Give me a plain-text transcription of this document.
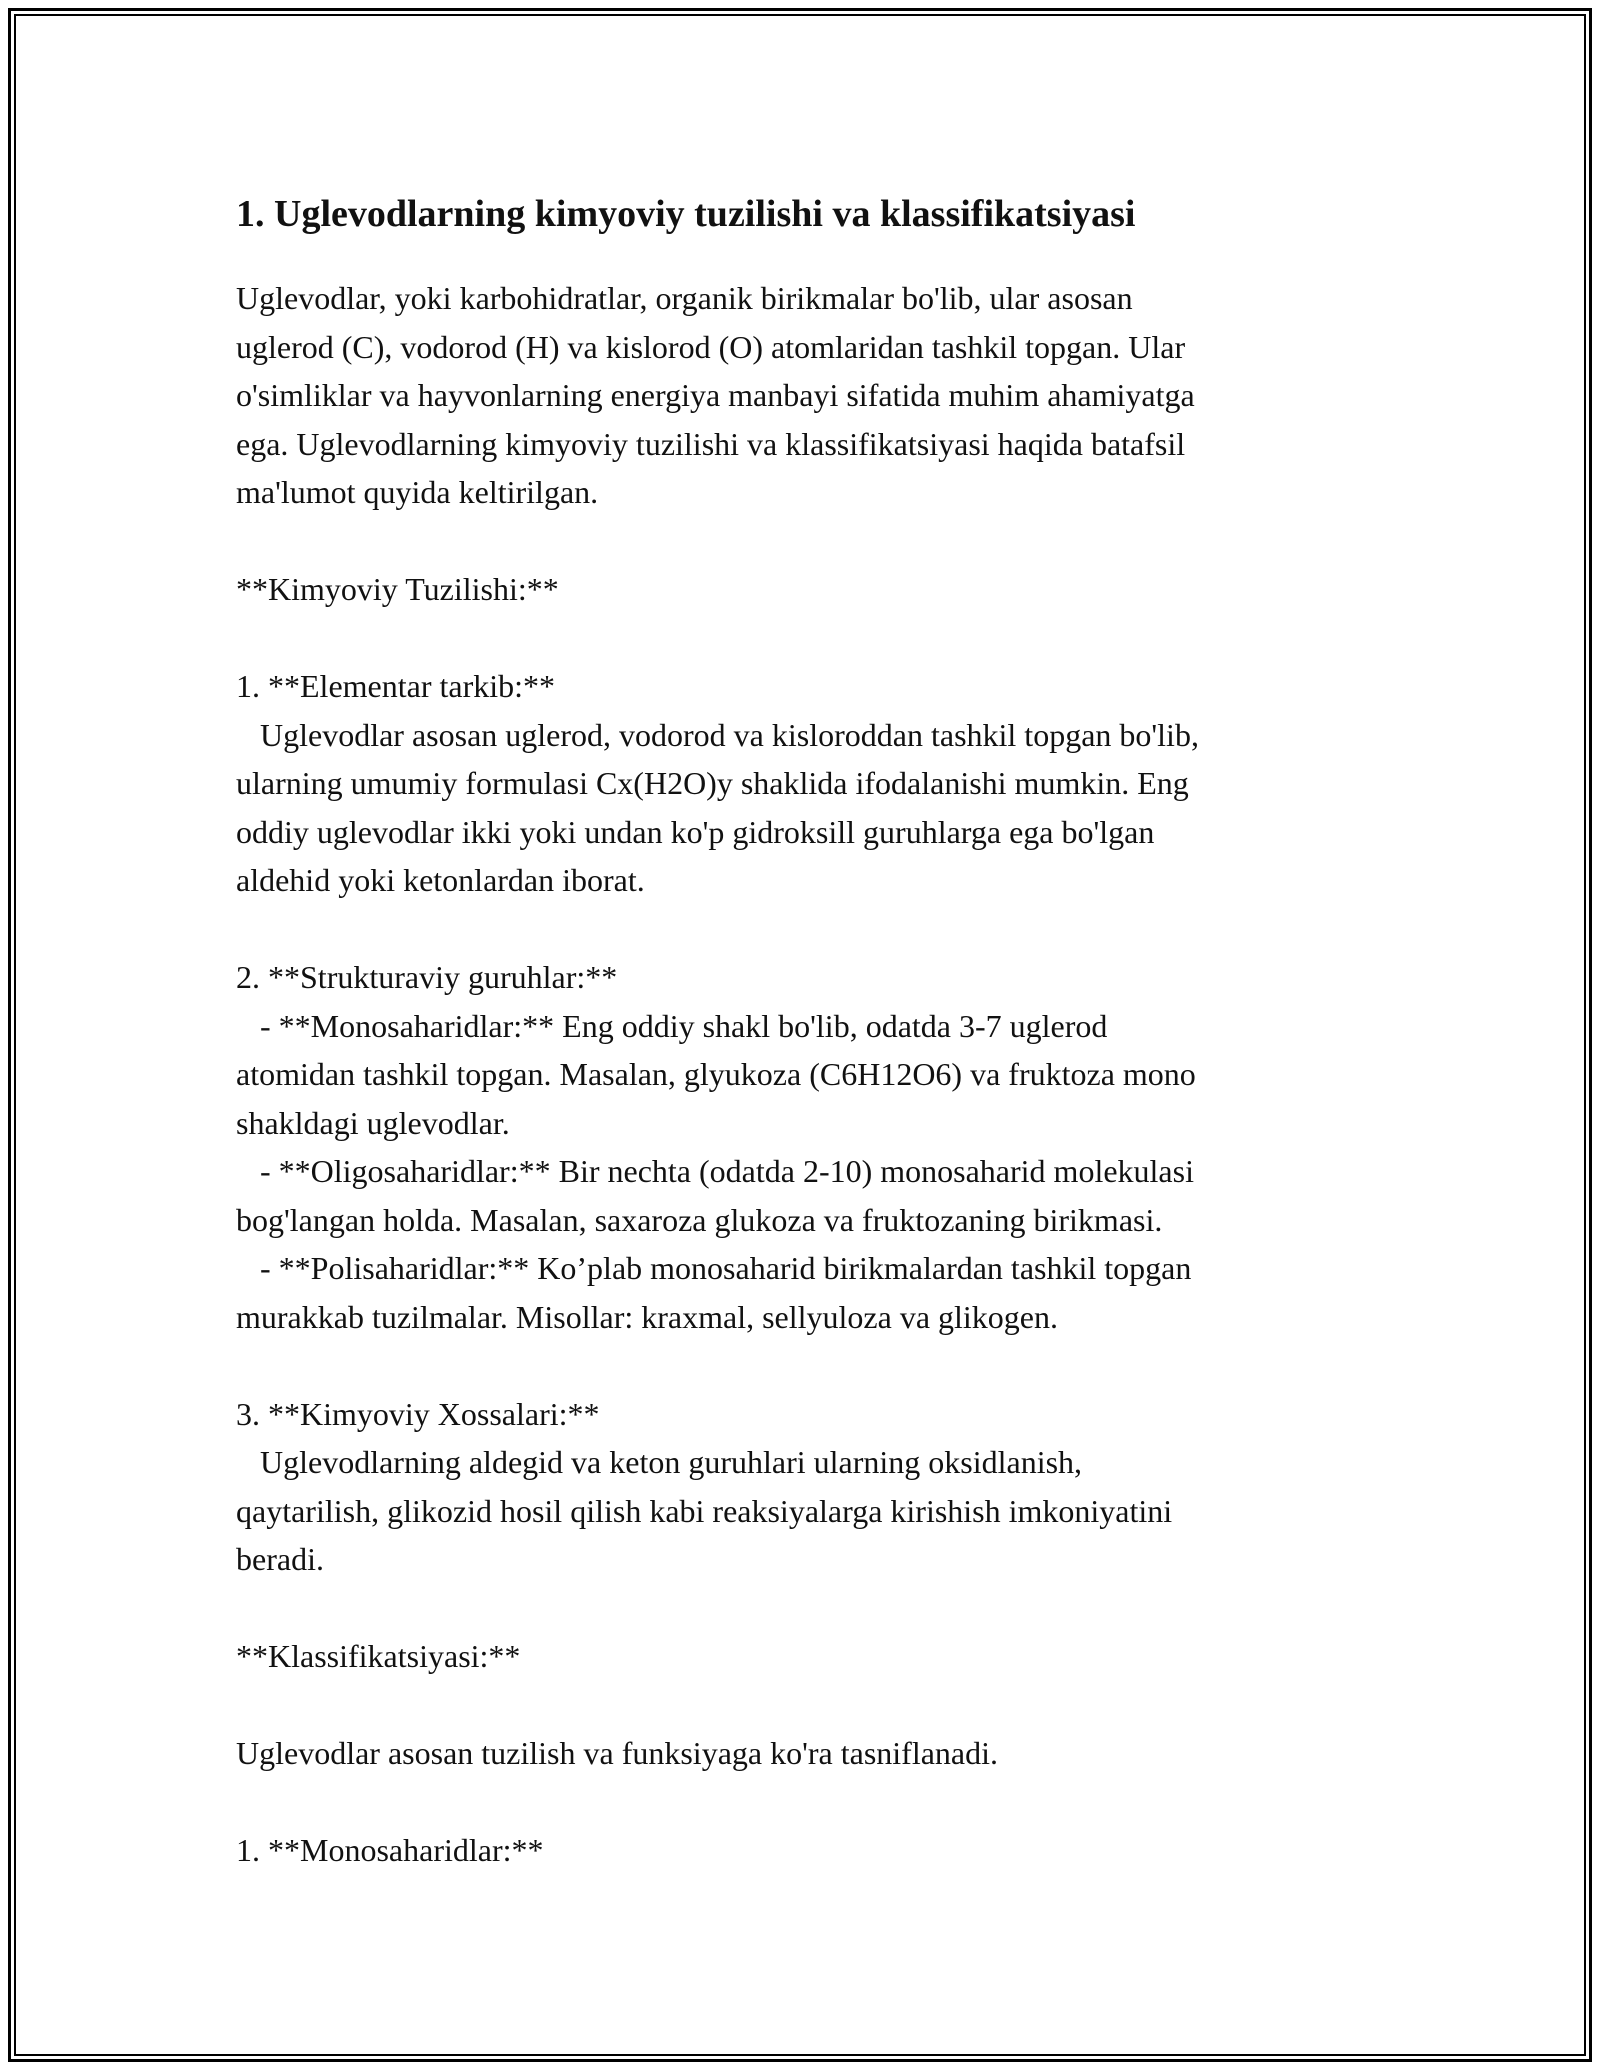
1. Uglevodlarning kimyoviy tuzilishi va klassifikatsiyasi

Uglevodlar, yoki karbohidratlar, organik birikmalar bo'lib, ular asosan
uglerod (C), vodorod (H) va kislorod (O) atomlaridan tashkil topgan. Ular
o'simliklar va hayvonlarning energiya manbayi sifatida muhim ahamiyatga
ega. Uglevodlarning kimyoviy tuzilishi va klassifikatsiyasi haqida batafsil
ma'lumot quyida keltirilgan.

**Kimyoviy Tuzilishi:**

1. **Elementar tarkib:**

Uglevodlar asosan uglerod, vodorod va kisloroddan tashkil topgan bo'lib,
ularning umumiy formulasi Cx(H2O)y shaklida ifodalanishi mumkin. Eng
oddiy uglevodlar ikki yoki undan ko'p gidroksill guruhlarga ega bo'lgan
aldehid yoki ketonlardan iborat.

2. **Strukturaviy guruhlar:**

- **Monosaharidlar:** Eng oddiy shakl bo'lib, odatda 3-7 uglerod
atomidan tashkil topgan. Masalan, glyukoza (C6H12O6) va fruktoza mono
shakldagi uglevodlar.
- **Oligosaharidlar:** Bir nechta (odatda 2-10) monosaharid molekulasi
bog'langan holda. Masalan, saxaroza glukoza va fruktozaning birikmasi.
- **Polisaharidlar:** Ko’plab monosaharid birikmalardan tashkil topgan
murakkab tuzilmalar. Misollar: kraxmal, sellyuloza va glikogen.

3. **Kimyoviy Xossalari:**

Uglevodlarning aldegid va keton guruhlari ularning oksidlanish,
qaytarilish, glikozid hosil qilish kabi reaksiyalarga kirishish imkoniyatini
beradi.

**Klassifikatsiyasi:**

Uglevodlar asosan tuzilish va funksiyaga ko'ra tasniflanadi.

1. **Monosaharidlar:**
